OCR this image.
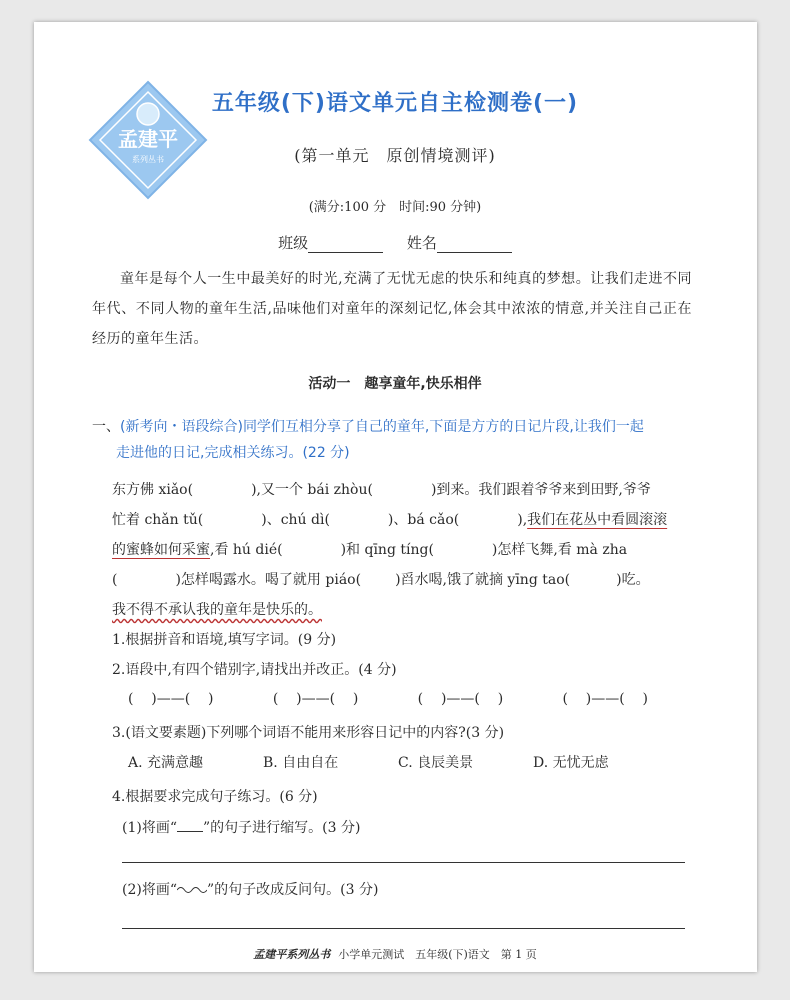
孟建平
系列丛书
五年级(下)语文单元自主检测卷(一)
(第一单元　原创情境测评)
(满分:100 分　时间:90 分钟)
班级	姓名
童年是每个人一生中最美好的时光,充满了无忧无虑的快乐和纯真的梦想。让我们走进不同年代、不同人物的童年生活,品味他们对童年的深刻记忆,体会其中浓浓的情意,并关注自己正在经历的童年生活。
活动一　趣享童年,快乐相伴
一、(新考向・语段综合)同学们互相分享了自己的童年,下面是方方的日记片段,让我们一起
走进他的日记,完成相关练习。(22 分)
东方佛 xiǎo(	),又一个 bái zhòu(	)到来。我们跟着爷爷来到田野,爷爷
忙着 chǎn tǔ(	)、chú dì(	)、bá cǎo(	),我们在花丛中看圆滚滚
的蜜蜂如何采蜜,看 hú dié(	)和 qīng tíng(	)怎样飞舞,看 mà zha
(	)怎样喝露水。喝了就用 piáo( )舀水喝,饿了就摘 yīng tao(	)吃。
我不得不承认我的童年是快乐的。
1.根据拼音和语境,填写字词。(9 分)
2.语段中,有四个错别字,请找出并改正。(4 分)
( )——( )	( )——( )	( )——( )	( )——( )
3.(语文要素题)下列哪个词语不能用来形容日记中的内容?(3 分)
A. 充满意趣	B. 自由自在	C. 良辰美景	D. 无忧无虑
4.根据要求完成句子练习。(6 分)
(1)将画“ ”的句子进行缩写。(3 分)
(2)将画“ ”的句子改成反问句。(3 分)
孟建平系列丛书 小学单元测试　五年级(下)语文　第 1 页
